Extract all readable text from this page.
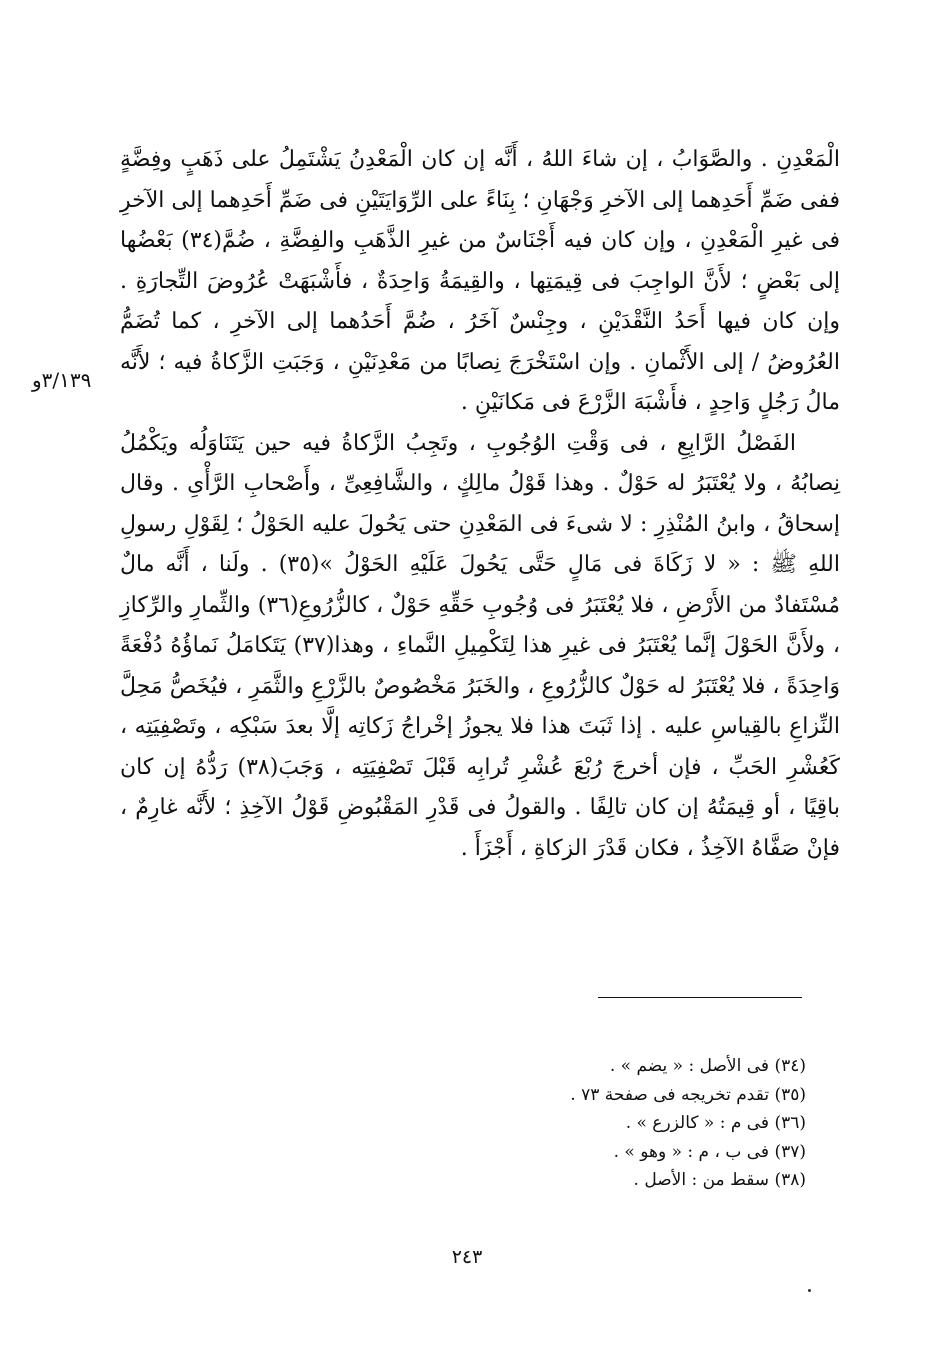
الْمَعْدِنِ . والصَّوَابُ ، إن شاءَ اللهُ ، أَنَّه إن كان الْمَعْدِنُ يَشْتَمِلُ على ذَهَبٍ وفِضَّةٍ ففى ضَمِّ أَحَدِهما إلى الآخرِ وَجْهَانِ ؛ بِنَاءً على الرِّوَايَتَيْنِ فى ضَمِّ أَحَدِهما إلى الآخرِ فى غيرِ الْمَعْدِنِ ، وإن كان فيه أَجْنَاسٌ من غيرِ الذَّهَبِ والفِضَّةِ ، ضُمَّ(٣٤) بَعْضُها إلى بَعْضٍ ؛ لأَنَّ الواجِبَ فى قِيمَتِها ، والقِيمَةُ وَاحِدَةٌ ، فأَشْبَهَتْ عُرُوضَ التِّجارَةِ . وإن كان فيها أَحَدُ النَّقْدَيْنِ ، وجِنْسٌ آخَرُ ، ضُمَّ أَحَدُهما إلى الآخرِ ، كما تُضَمُّ العُرُوضُ / إلى الأَثْمانِ . وإن اسْتَخْرَجَ نِصابًا من مَعْدِنَيْنِ ، وَجَبَتِ الزَّكاةُ فيه ؛ لأَنَّه مالُ رَجُلٍ وَاحِدٍ ، فأَشْبَهَ الزَّرْعَ فى مَكانَيْنِ .

الفَصْلُ الرَّابِعِ ، فى وَقْتِ الوُجُوبِ ، وتَجِبُ الزَّكاةُ فيه حين يَتَنَاوَلُه ويَكْمُلُ نِصابُهُ ، ولا يُعْتَبَرُ له حَوْلٌ . وهذا قَوْلُ مالِكٍ ، والشَّافِعِىِّ ، وأَصْحابِ الرَّأْىِ . وقال إسحاقُ ، وابنُ المُنْذِرِ : لا شىءَ فى المَعْدِنِ حتى يَحُولَ عليه الحَوْلُ ؛ لِقَوْلِ رسولِ اللهِ ﷺ : « لا زَكَاةَ فى مَالٍ حَتَّى يَحُولَ عَلَيْهِ الحَوْلُ »(٣٥) . ولَنا ، أَنَّه مالٌ مُسْتَفادٌ من الأَرْضِ ، فلا يُعْتَبَرُ فى وُجُوبِ حَقِّهِ حَوْلٌ ، كالزُّرُوعِ(٣٦) والثِّمارِ والرِّكازِ ، ولأَنَّ الحَوْلَ إنَّما يُعْتَبَرُ فى غيرِ هذا لِتَكْمِيلِ النَّماءِ ، وهذا(٣٧) يَتَكامَلُ نَماؤُهُ دُفْعَةً وَاحِدَةً ، فلا يُعْتَبَرُ له حَوْلٌ كالزُّرُوعِ ، والخَبَرُ مَخْصُوصٌ بالزَّرْعِ والثَّمَرِ ، فيُخَصُّ مَحِلَّ النِّزاعِ بالقِياسِ عليه . إذا ثَبَتَ هذا فلا يجوزُ إخْراجُ زَكاتِه إلَّا بعدَ سَبْكِه ، وتَصْفِيَتِه ، كَعُشْرِ الحَبِّ ، فإن أخرجَ رُبْعَ عُشْرِ تُرابِه قَبْلَ تَصْفِيَتِه ، وَجَبَ(٣٨) رَدُّهُ إن كان باقِيًا ، أو قِيمَتُهُ إن كان تالِفًا . والقولُ فى قَدْرِ المَقْبُوضِ قَوْلُ الآخِذِ ؛ لأَنَّه غارِمٌ ، فإنْ صَفَّاهُ الآخِذُ ، فكان قَدْرَ الزكاةِ ، أَجْزَأَ .

٣/١٣٩و
(٣٤) فى الأصل : « يضم » .
(٣٥) تقدم تخريجه فى صفحة ٧٣ .
(٣٦) فى م : « كالزرع » .
(٣٧) فى ب ، م : « وهو » .
(٣٨) سقط من : الأصل .
٢٤٣
